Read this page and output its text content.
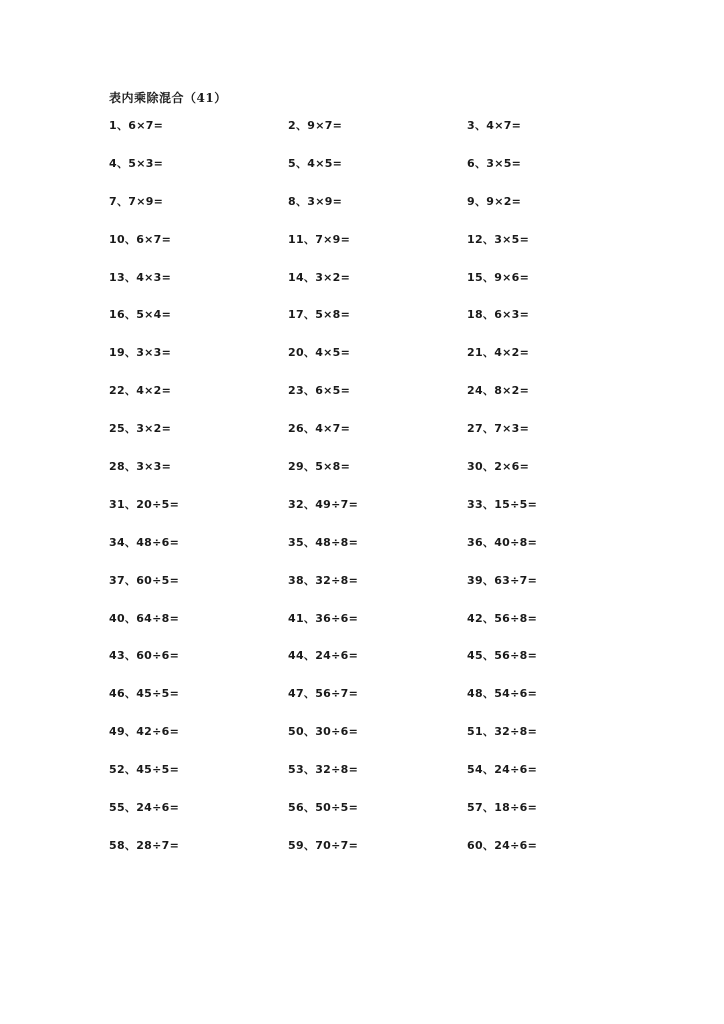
表内乘除混合（41）
1、6×7=	2、9×7=	3、4×7=
4、5×3=	5、4×5=	6、3×5=
7、7×9=	8、3×9=	9、9×2=
10、6×7=	11、7×9=	12、3×5=
13、4×3=	14、3×2=	15、9×6=
16、5×4=	17、5×8=	18、6×3=
19、3×3=	20、4×5=	21、4×2=
22、4×2=	23、6×5=	24、8×2=
25、3×2=	26、4×7=	27、7×3=
28、3×3=	29、5×8=	30、2×6=
31、20÷5=	32、49÷7=	33、15÷5=
34、48÷6=	35、48÷8=	36、40÷8=
37、60÷5=	38、32÷8=	39、63÷7=
40、64÷8=	41、36÷6=	42、56÷8=
43、60÷6=	44、24÷6=	45、56÷8=
46、45÷5=	47、56÷7=	48、54÷6=
49、42÷6=	50、30÷6=	51、32÷8=
52、45÷5=	53、32÷8=	54、24÷6=
55、24÷6=	56、50÷5=	57、18÷6=
58、28÷7=	59、70÷7=	60、24÷6=
